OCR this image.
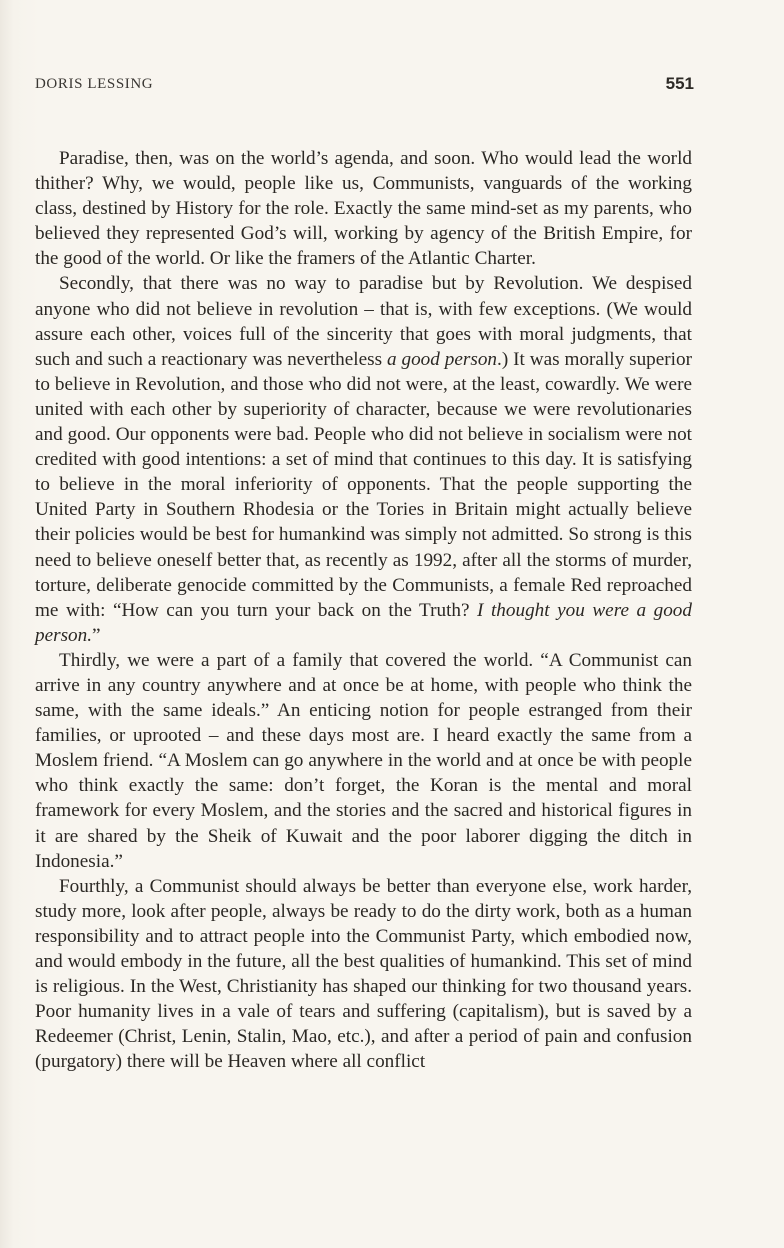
DORIS LESSING	551

Paradise, then, was on the world’s agenda, and soon. Who would lead the world thither? Why, we would, people like us, Communists, vanguards of the working class, destined by History for the role. Exactly the same mind-set as my parents, who believed they represented God’s will, working by agency of the British Empire, for the good of the world. Or like the framers of the Atlantic Charter.

Secondly, that there was no way to paradise but by Revolution. We despised anyone who did not believe in revolution – that is, with few exceptions. (We would assure each other, voices full of the sincerity that goes with moral judgments, that such and such a reactionary was nevertheless a good person.) It was morally superior to believe in Revolution, and those who did not were, at the least, cowardly. We were united with each other by superiority of character, because we were revolutionaries and good. Our opponents were bad. People who did not believe in socialism were not credited with good intentions: a set of mind that continues to this day. It is satisfying to believe in the moral inferiority of opponents. That the people supporting the United Party in Southern Rhodesia or the Tories in Britain might actually believe their policies would be best for humankind was simply not admitted. So strong is this need to believe oneself better that, as recently as 1992, after all the storms of murder, torture, deliberate genocide committed by the Communists, a female Red reproached me with: “How can you turn your back on the Truth? I thought you were a good person.”

Thirdly, we were a part of a family that covered the world. “A Communist can arrive in any country anywhere and at once be at home, with people who think the same, with the same ideals.” An enticing notion for people estranged from their families, or uprooted – and these days most are. I heard exactly the same from a Moslem friend. “A Moslem can go anywhere in the world and at once be with people who think exactly the same: don’t forget, the Koran is the mental and moral framework for every Moslem, and the stories and the sacred and historical figures in it are shared by the Sheik of Kuwait and the poor laborer digging the ditch in Indonesia.”

Fourthly, a Communist should always be better than everyone else, work harder, study more, look after people, always be ready to do the dirty work, both as a human responsibility and to attract people into the Communist Party, which embodied now, and would embody in the future, all the best qualities of humankind. This set of mind is religious. In the West, Christianity has shaped our thinking for two thousand years. Poor humanity lives in a vale of tears and suffering (capitalism), but is saved by a Redeemer (Christ, Lenin, Stalin, Mao, etc.), and after a period of pain and confusion (purgatory) there will be Heaven where all conflict
